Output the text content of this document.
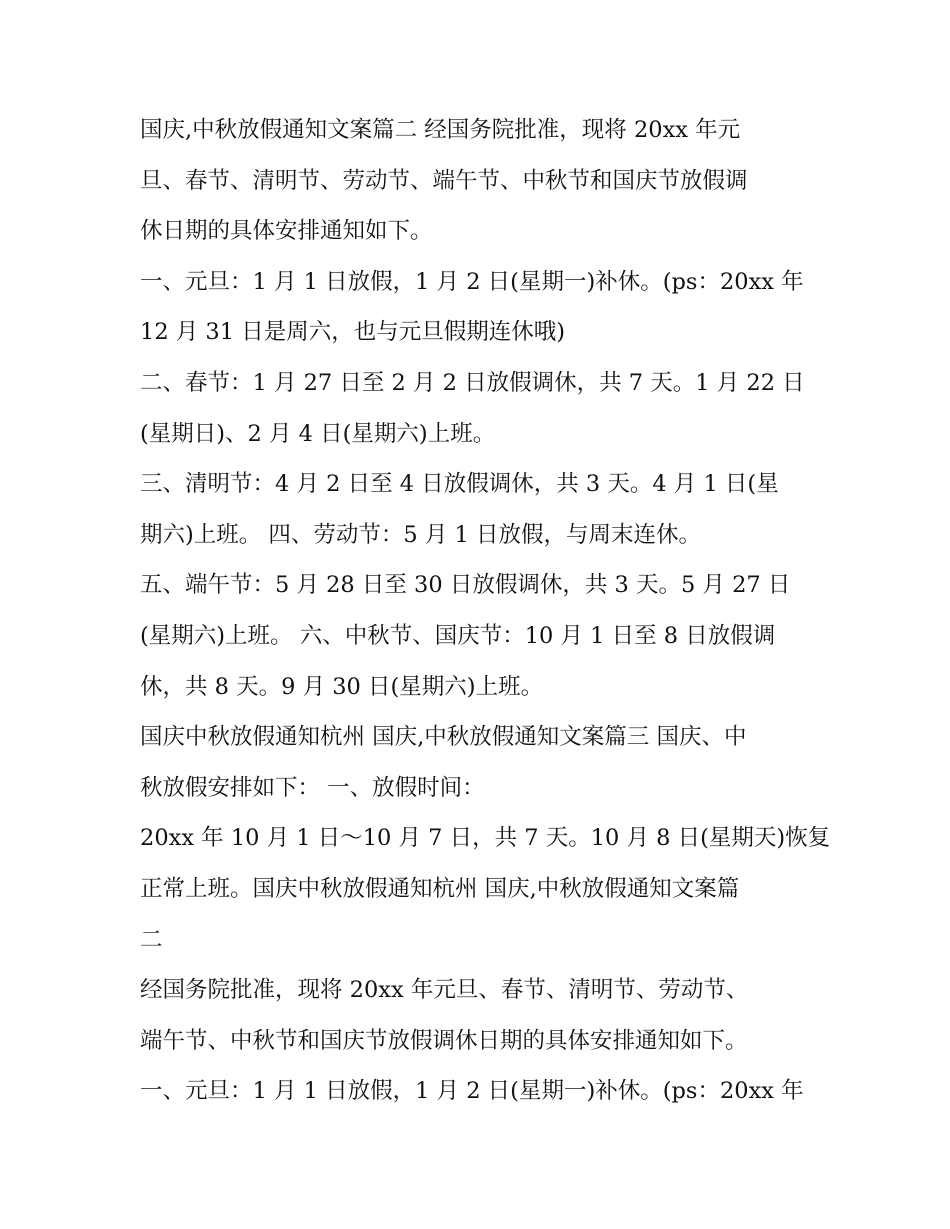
国庆,中秋放假通知文案篇二 经国务院批准，现将 20xx 年元
旦、春节、清明节、劳动节、端午节、中秋节和国庆节放假调
休日期的具体安排通知如下。
一、元旦：1 月 1 日放假，1 月 2 日(星期一)补休。(ps：20xx 年
12 月 31 日是周六，也与元旦假期连休哦)
二、春节：1 月 27 日至 2 月 2 日放假调休，共 7 天。1 月 22 日
(星期日)、2 月 4 日(星期六)上班。
三、清明节：4 月 2 日至 4 日放假调休，共 3 天。4 月 1 日(星
期六)上班。 四、劳动节：5 月 1 日放假，与周末连休。
五、端午节：5 月 28 日至 30 日放假调休，共 3 天。5 月 27 日
(星期六)上班。 六、中秋节、国庆节：10 月 1 日至 8 日放假调
休，共 8 天。9 月 30 日(星期六)上班。
国庆中秋放假通知杭州 国庆,中秋放假通知文案篇三 国庆、中
秋放假安排如下： 一、放假时间：
20xx 年 10 月 1 日～10 月 7 日，共 7 天。10 月 8 日(星期天)恢复
正常上班。国庆中秋放假通知杭州 国庆,中秋放假通知文案篇
二
经国务院批准，现将 20xx 年元旦、春节、清明节、劳动节、
端午节、中秋节和国庆节放假调休日期的具体安排通知如下。
一、元旦：1 月 1 日放假，1 月 2 日(星期一)补休。(ps：20xx 年
